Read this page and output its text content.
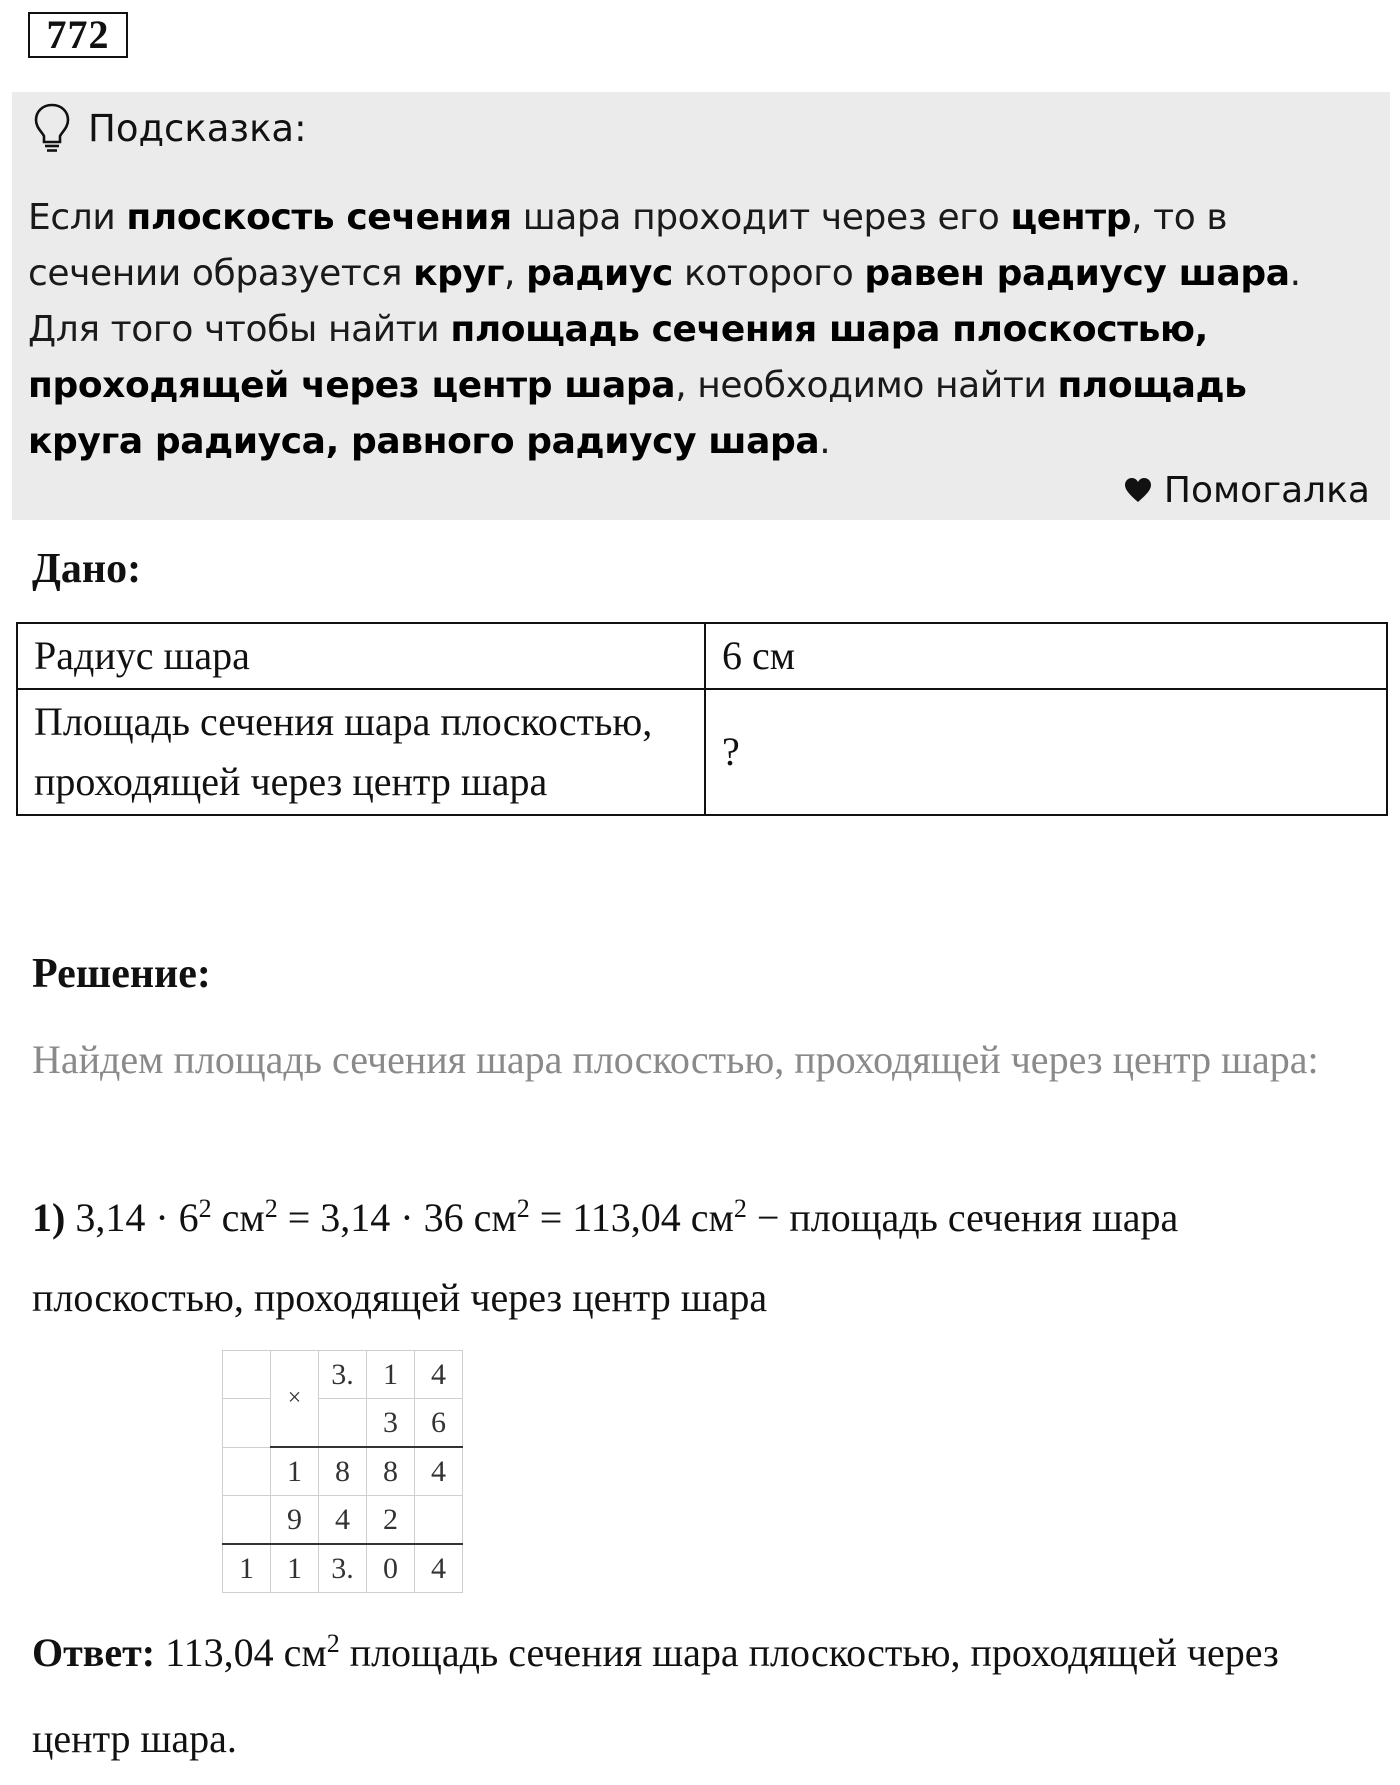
772
Подсказка:
Если плоскость сечения шара проходит через его центр, то в сечении образуется круг, радиус которого равен радиусу шара.
Для того чтобы найти площадь сечения шара плоскостью, проходящей через центр шара, необходимо найти площадь круга радиуса, равного радиусу шара.
Помогалка
Дано:
Радиус шара	6 см
Площадь сечения шара плоскостью, проходящей через центр шара	?
Решение:
Найдем площадь сечения шара плоскостью, проходящей через центр шара:
1) $3,14 \cdot 6^2$ $см^2 = 3,14 \cdot 36$ $см^2 = 113,04$ $см^2$ − площадь сечения шара плоскостью, проходящей через центр шара
	×	3.	1	4
			3	6
	1	8	8	4
	9	4	2	
1	1	3.	0	4
Ответ: 113,04 $см^2$ площадь сечения шара плоскостью, проходящей через центр шара.
